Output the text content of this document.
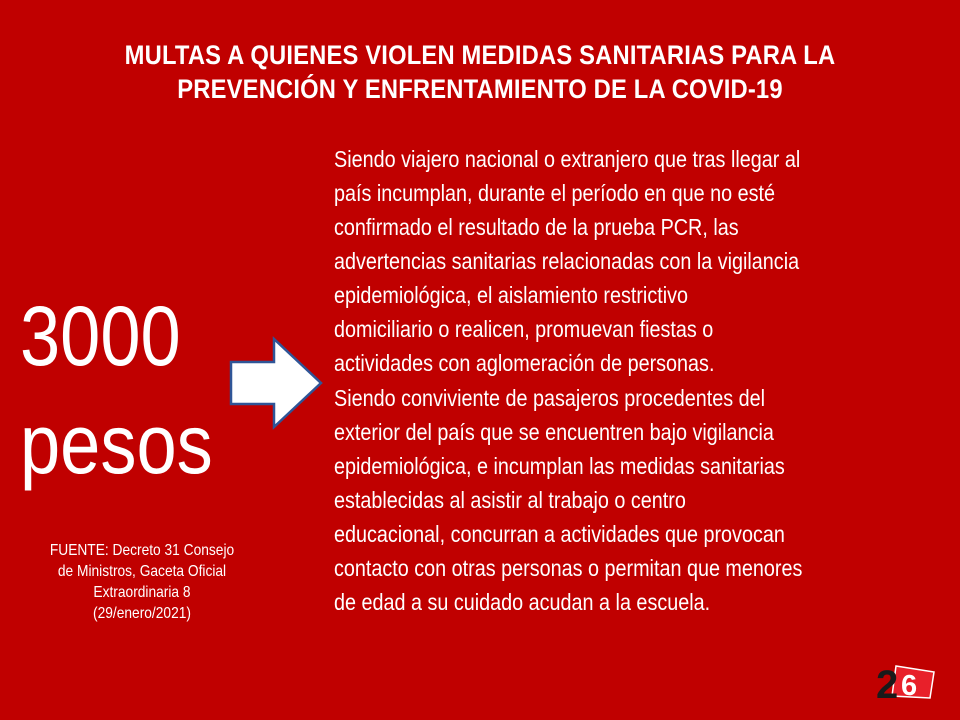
MULTAS A QUIENES VIOLEN MEDIDAS SANITARIAS PARA LA
PREVENCIÓN Y ENFRENTAMIENTO DE LA COVID-19
3000
pesos
Siendo viajero nacional o extranjero que tras llegar al
país incumplan, durante el período en que no esté
confirmado el resultado de la prueba PCR, las
advertencias sanitarias relacionadas con la vigilancia
epidemiológica, el aislamiento restrictivo
domiciliario o realicen, promuevan fiestas o
actividades con aglomeración de personas.
Siendo conviviente de pasajeros procedentes del
exterior del país que se encuentren bajo vigilancia
epidemiológica, e incumplan las medidas sanitarias
establecidas al asistir al trabajo o centro
educacional, concurran a actividades que provocan
contacto con otras personas o permitan que menores
de edad a su cuidado acudan a la escuela.
FUENTE: Decreto 31 Consejo
de Ministros, Gaceta Oficial
Extraordinaria 8
(29/enero/2021)
2 6
